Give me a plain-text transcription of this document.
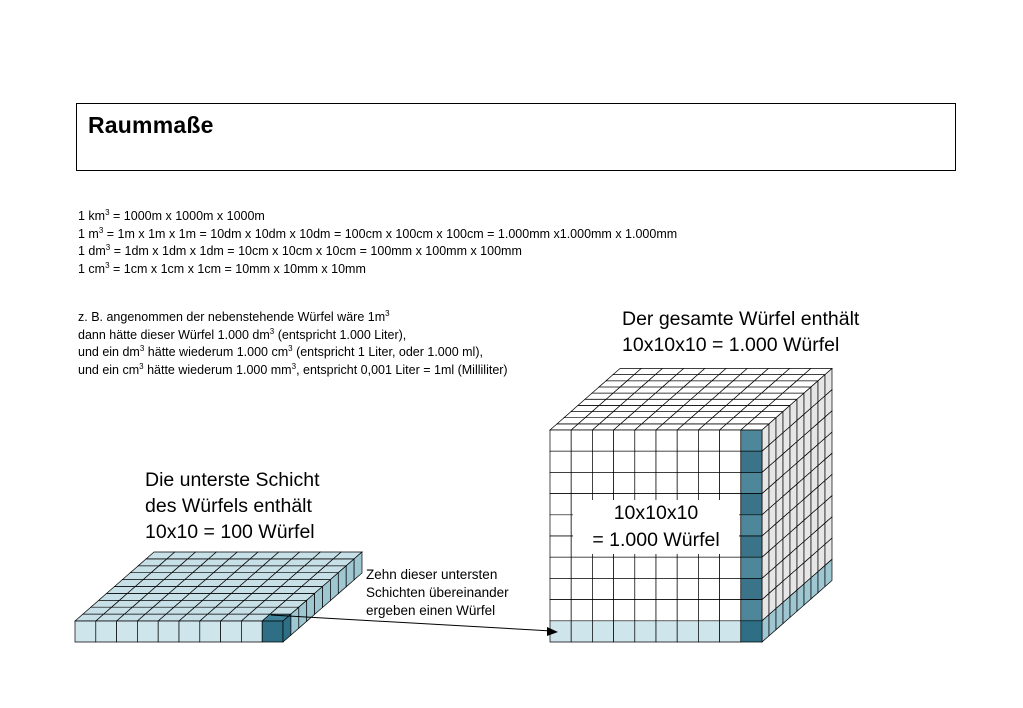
Raummaße
1 $km^3 = 1000m$ x 1000m x 1000m
1 $m^3 = 1m$ x 1m x 1m = 10dm x 10dm x 10dm = 100cm x 100cm x 100cm = 1.000mm x1.000mm x 1.000mm
1 $dm^3 = 1dm$ x 1dm x 1dm = 10cm x 10cm x 10cm = 100mm x 100mm x 100mm
1 $cm^3 = 1cm$ x 1cm x 1cm = 10mm x 10mm x 10mm
z. B. angenommen der nebenstehende Würfel wäre $1m^3$
dann hätte dieser Würfel 1.000 $dm^3$ (entspricht 1.000 Liter),
und ein $dm^3$ hätte wiederum 1.000 $cm^3$ (entspricht 1 Liter, oder 1.000 ml),
und ein $cm^3$ hätte wiederum 1.000 $mm^3$, entspricht 0,001 Liter = 1ml (Milliliter)
Die unterste Schicht
des Würfels enthält
10x10 = 100 Würfel
Der gesamte Würfel enthält
10x10x10 = 1.000 Würfel
Zehn dieser untersten
Schichten übereinander
ergeben einen Würfel
10x10x10
= 1.000 Würfel
